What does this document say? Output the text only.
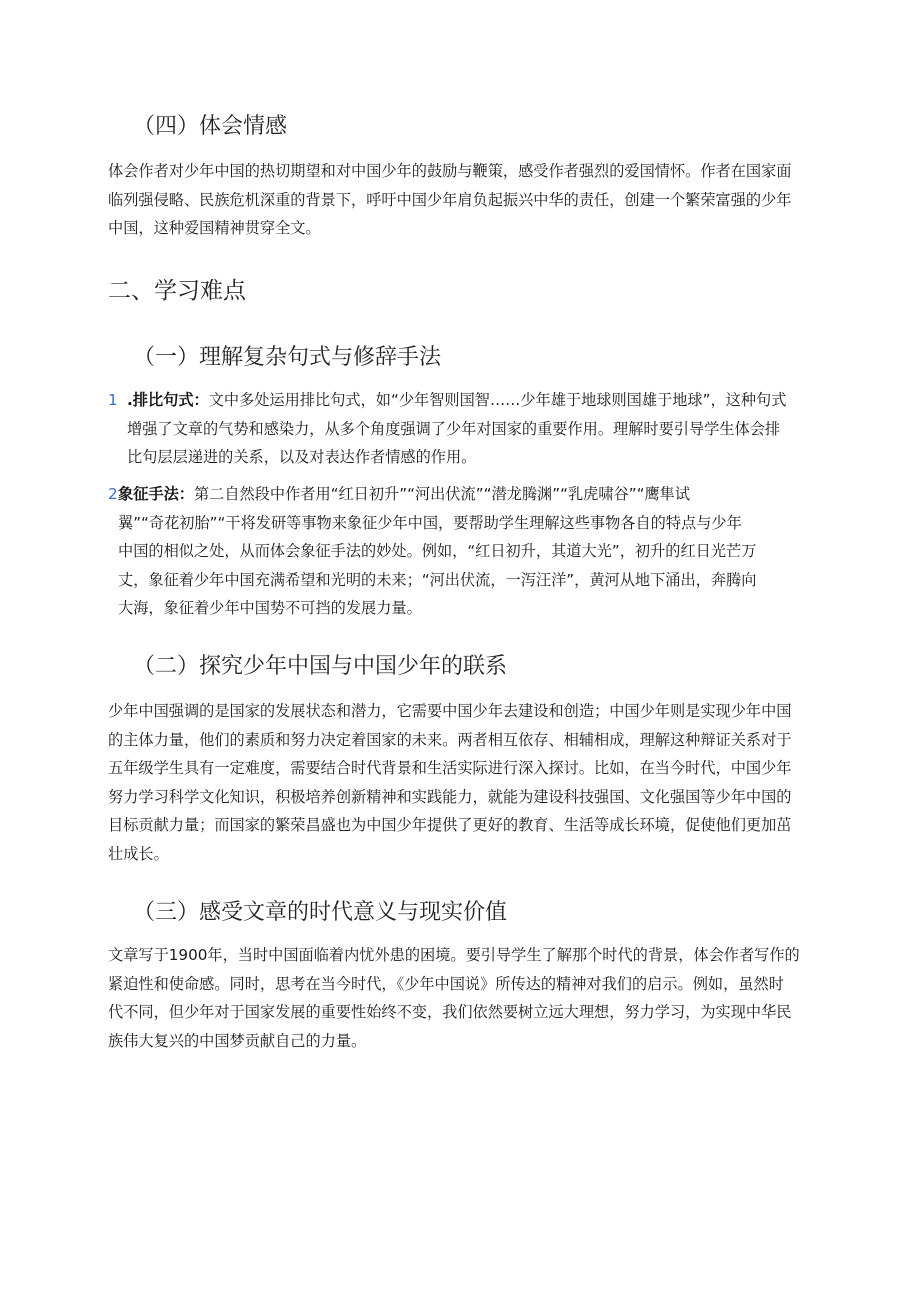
（四）体会情感
体会作者对少年中国的热切期望和对中国少年的鼓励与鞭策，感受作者强烈的爱国情怀。作者在国家面
临列强侵略、民族危机深重的背景下，呼吁中国少年肩负起振兴中华的责任，创建一个繁荣富强的少年
中国，这种爱国精神贯穿全文。
二、学习难点
（一）理解复杂句式与修辞手法
1 .排比句式：文中多处运用排比句式，如“少年智则国智……少年雄于地球则国雄于地球”，这种句式
增强了文章的气势和感染力，从多个角度强调了少年对国家的重要作用。理解时要引导学生体会排
比句层层递进的关系，以及对表达作者情感的作用。
2 象征手法：第二自然段中作者用“红日初升”“河出伏流”“潜龙腾渊”“乳虎啸谷”“鹰隼试
翼”“奇花初胎”“干将发研等事物来象征少年中国，要帮助学生理解这些事物各自的特点与少年
中国的相似之处，从而体会象征手法的妙处。例如，“红日初升，其道大光”，初升的红日光芒万
丈，象征着少年中国充满希望和光明的未来；“河出伏流，一泻汪洋”，黄河从地下涌出，奔腾向
大海，象征着少年中国势不可挡的发展力量。
（二）探究少年中国与中国少年的联系
少年中国强调的是国家的发展状态和潜力，它需要中国少年去建设和创造；中国少年则是实现少年中国
的主体力量，他们的素质和努力决定着国家的未来。两者相互依存、相辅相成，理解这种辩证关系对于
五年级学生具有一定难度，需要结合时代背景和生活实际进行深入探讨。比如，在当今时代，中国少年
努力学习科学文化知识，积极培养创新精神和实践能力，就能为建设科技强国、文化强国等少年中国的
目标贡献力量；而国家的繁荣昌盛也为中国少年提供了更好的教育、生活等成长环境，促使他们更加茁
壮成长。
（三）感受文章的时代意义与现实价值
文章写于1900年，当时中国面临着内忧外患的困境。要引导学生了解那个时代的背景，体会作者写作的
紧迫性和使命感。同时，思考在当今时代，《少年中国说》所传达的精神对我们的启示。例如，虽然时
代不同，但少年对于国家发展的重要性始终不变，我们依然要树立远大理想，努力学习，为实现中华民
族伟大复兴的中国梦贡献自己的力量。
